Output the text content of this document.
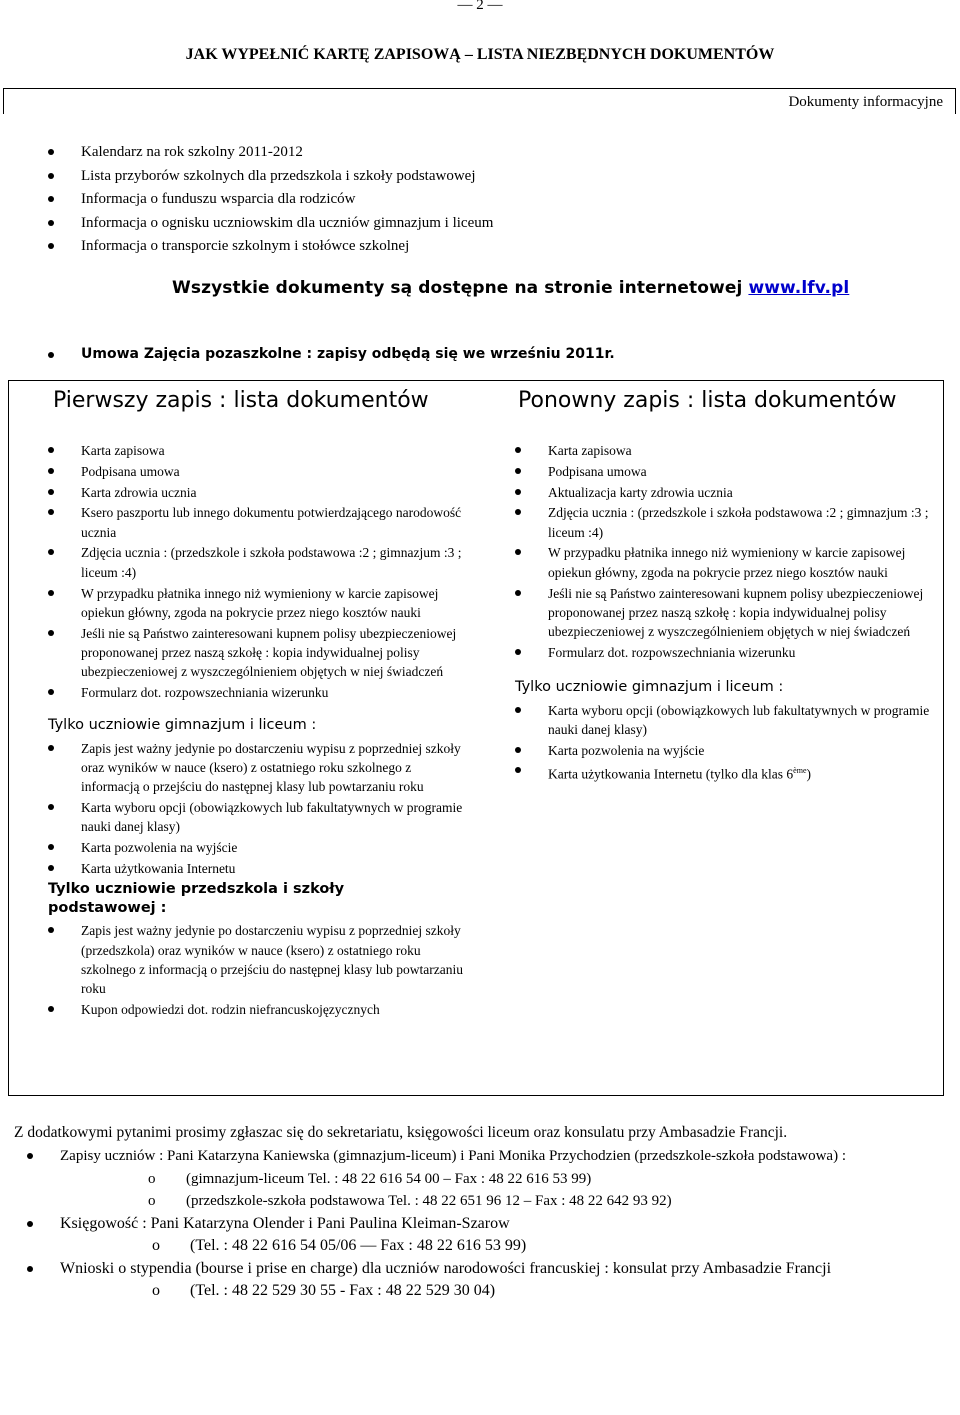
— 2 —
JAK WYPEŁNIĆ KARTĘ ZAPISOWĄ – LISTA NIEZBĘDNYCH DOKUMENTÓW
Dokumenty informacyjne
Kalendarz na rok szkolny 2011-2012
Lista przyborów szkolnych dla przedszkola i szkoły podstawowej
Informacja o funduszu wsparcia dla rodziców
Informacja o ognisku uczniowskim dla uczniów gimnazjum i liceum
Informacja o transporcie szkolnym i stołówce szkolnej
Wszystkie dokumenty są dostępne na stronie internetowej www.lfv.pl
Umowa Zajęcia pozaszkolne : zapisy odbędą się we wrześniu 2011r.
Pierwszy zapis : lista dokumentów	Ponowny zapis : lista dokumentów
Karta zapisowa
Podpisana umowa
Karta zdrowia ucznia
Ksero paszportu lub innego dokumentu potwierdzającego narodowość ucznia
Zdjęcia ucznia : (przedszkole i szkoła podstawowa :2 ; gimnazjum :3 ; liceum :4)
W przypadku płatnika innego niż wymieniony w karcie zapisowej opiekun główny, zgoda na pokrycie przez niego kosztów nauki
Jeśli nie są Państwo zainteresowani kupnem polisy ubezpieczeniowej proponowanej przez naszą szkołę : kopia indywidualnej polisy ubezpieczeniowej z wyszczególnieniem objętych w niej świadczeń
Formularz dot. rozpowszechniania wizerunku
Tylko uczniowie gimnazjum i liceum :
Zapis jest ważny jedynie po dostarczeniu wypisu z poprzedniej szkoły oraz wyników w nauce (ksero) z ostatniego roku szkolnego z informacją o przejściu do następnej klasy lub powtarzaniu roku
Karta wyboru opcji (obowiązkowych lub fakultatywnych w programie nauki danej klasy)
Karta pozwolenia na wyjście
Karta użytkowania Internetu
Tylko uczniowie przedszkola i szkoły podstawowej :
Zapis jest ważny jedynie po dostarczeniu wypisu z poprzedniej szkoły (przedszkola) oraz wyników w nauce (ksero) z ostatniego roku szkolnego z informacją o przejściu do następnej klasy lub powtarzaniu roku
Kupon odpowiedzi dot. rodzin niefrancuskojęzycznych
Karta zapisowa
Podpisana umowa
Aktualizacja karty zdrowia ucznia
Zdjęcia ucznia : (przedszkole i szkoła podstawowa :2 ; gimnazjum :3 ; liceum :4)
W przypadku płatnika innego niż wymieniony w karcie zapisowej opiekun główny, zgoda na pokrycie przez niego kosztów nauki
Jeśli nie są Państwo zainteresowani kupnem polisy ubezpieczeniowej proponowanej przez naszą szkołę : kopia indywidualnej polisy ubezpieczeniowej z wyszczególnieniem objętych w niej świadczeń
Formularz dot. rozpowszechniania wizerunku
Tylko uczniowie gimnazjum i liceum :
Karta wyboru opcji (obowiązkowych lub fakultatywnych w programie nauki danej klasy)
Karta pozwolenia na wyjście
Karta użytkowania Internetu (tylko dla klas 6ème)

Z dodatkowymi pytanimi prosimy zgłaszac się do sekretariatu, księgowości liceum oraz konsulatu przy Ambasadzie Francji.

Zapisy uczniów : Pani Katarzyna Kaniewska (gimnazjum-liceum) i Pani Monika Przychodzien (przedszkole-szkoła podstawowa) :
o (gimnazjum-liceum Tel. : 48 22 616 54 00 – Fax : 48 22 616 53 99)
o (przedszkole-szkoła podstawowa Tel. : 48 22 651 96 12 – Fax : 48 22 642 93 92)
Księgowość : Pani Katarzyna Olender i Pani Paulina Kleiman-Szarow
o (Tel. : 48 22 616 54 05/06 — Fax : 48 22 616 53 99)
Wnioski o stypendia (bourse i prise en charge) dla uczniów narodowości francuskiej : konsulat przy Ambasadzie Francji
o (Tel. : 48 22 529 30 55 - Fax : 48 22 529 30 04)
